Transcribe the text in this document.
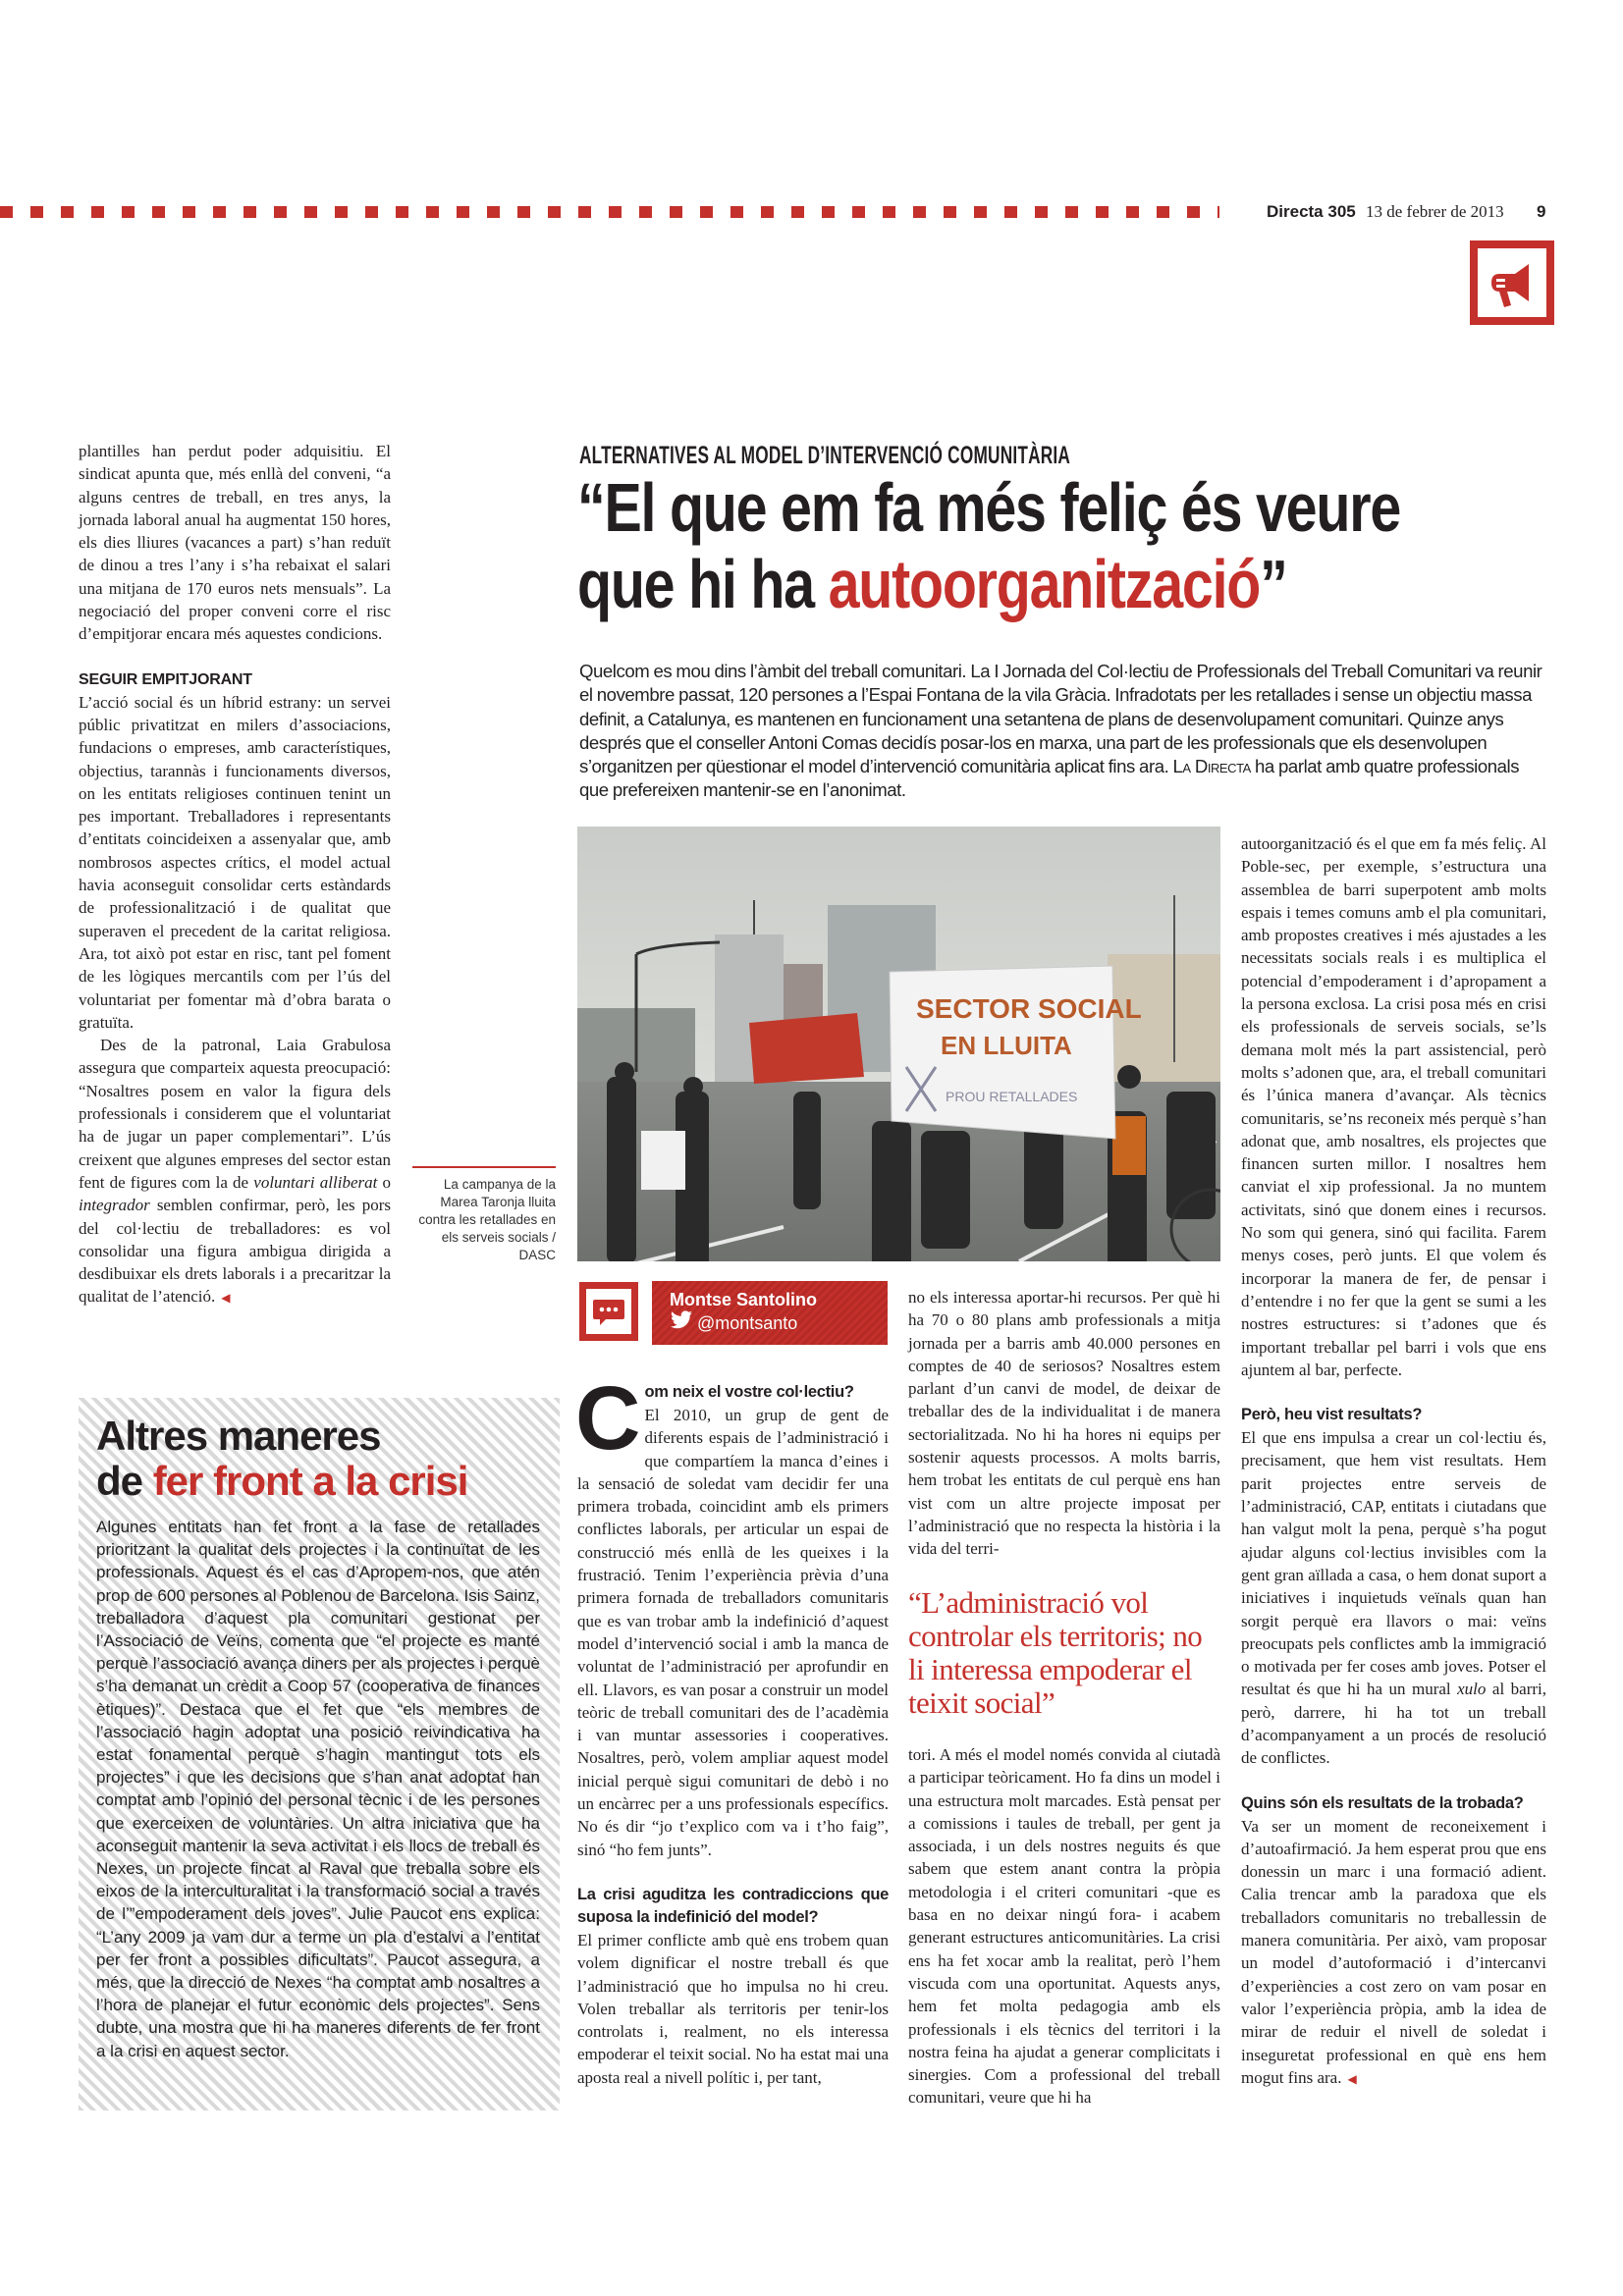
Directa 305 13 de febrer de 2013 9

plantilles han perdut poder adquisitiu. El sindicat apunta que, més enllà del conveni, “a alguns centres de treball, en tres anys, la jornada laboral anual ha augmentat 150 hores, els dies lliures (vacances a part) s’han reduït de dinou a tres l’any i s’ha rebaixat el salari una mitjana de 170 euros nets mensuals”. La negociació del proper conveni corre el risc d’empitjorar encara més aquestes condicions.

SEGUIR EMPITJORANT

L’acció social és un híbrid estrany: un servei públic privatitzat en milers d’associacions, fundacions o empreses, amb característiques, objectius, tarannàs i funcionaments diversos, on les entitats religioses continuen tenint un pes important. Treballadores i representants d’entitats coincideixen a assenyalar que, amb nombrosos aspectes crítics, el model actual havia aconseguit consolidar certs estàndards de professionalització i de qualitat que superaven el precedent de la caritat religiosa. Ara, tot això pot estar en risc, tant pel foment de les lògiques mercantils com per l’ús del voluntariat per fomentar mà d’obra barata o gratuïta.

Des de la patronal, Laia Grabulosa assegura que comparteix aquesta preocupació: “Nosaltres posem en valor la figura dels professionals i considerem que el voluntariat ha de jugar un paper complementari”. L’ús creixent que algunes empreses del sector estan fent de figures com la de voluntari alliberat o integrador semblen confirmar, però, les pors del col·lectiu de treballadores: es vol consolidar una figura ambigua dirigida a desdibuixar els drets laborals i a precaritzar la qualitat de l’atenció. ◀

La campanya de la Marea Taronja lluita contra les retallades en els serveis socials / DASC
Altres maneres
de fer front a la crisi
Algunes entitats han fet front a la fase de retallades prioritzant la qualitat dels projectes i la continuïtat de les professionals. Aquest és el cas d’Apropem-nos, que atén prop de 600 persones al Poblenou de Barcelona. Isis Sainz, treballadora d’aquest pla comunitari gestionat per l’Associació de Veïns, comenta que “el projecte es manté perquè l’associació avança diners per als projectes i perquè s’ha demanat un crèdit a Coop 57 (cooperativa de finances ètiques)”. Destaca que el fet que “els membres de l’associació hagin adoptat una posició reivindicativa ha estat fonamental perquè s’hagin mantingut tots els projectes” i que les decisions que s’han anat adoptat han comptat amb l’opinió del personal tècnic i de les persones que exerceixen de voluntàries. Un altra iniciativa que ha aconseguit mantenir la seva activitat i els llocs de treball és Nexes, un projecte fincat al Raval que treballa sobre els eixos de la interculturalitat i la transformació social a través de l’”empoderament dels joves”. Julie Paucot ens explica: “L’any 2009 ja vam dur a terme un pla d’estalvi a l’entitat per fer front a possibles dificultats”. Paucot assegura, a més, que la direcció de Nexes “ha comptat amb nosaltres a l’hora de planejar el futur econòmic dels projectes”. Sens dubte, una mostra que hi ha maneres diferents de fer front a la crisi en aquest sector.
ALTERNATIVES AL MODEL D’INTERVENCIÓ COMUNITÀRIA
“El que em fa més feliç és veure
que hi ha autoorganització”
Quelcom es mou dins l’àmbit del treball comunitari. La I Jornada del Col·lectiu de Professionals del Treball Comunitari va reunir el novembre passat, 120 persones a l’Espai Fontana de la vila Gràcia. Infradotats per les retallades i sense un objectiu massa definit, a Catalunya, es mantenen en funcionament una setantena de plans de desenvolupament comunitari. Quinze anys després que el conseller Antoni Comas decidís posar-los en marxa, una part de les professionals que els desenvolupen s’organitzen per qüestionar el model d’intervenció comunitària aplicat fins ara. La Directa ha parlat amb quatre professionals que prefereixen mantenir-se en l’anonimat.
SECTOR SOCIAL
EN LLUITA
PROU RETALLADES
Montse Santolino
@montsanto

Com neix el vostre col·lectiu?
El 2010, un grup de gent de diferents espais de l’administració i que compartíem la manca d’eines i la sensació de soledat vam decidir fer una primera trobada, coincidint amb els primers conflictes laborals, per articular un espai de construcció més enllà de les queixes i la frustració. Tenim l’experiència prèvia d’una primera fornada de treballadors comunitaris que es van trobar amb la indefinició d’aquest model d’intervenció social i amb la manca de voluntat de l’administració per aprofundir en ell. Llavors, es van posar a construir un model teòric de treball comunitari des de l’acadèmia i van muntar assessories i cooperatives. Nosaltres, però, volem ampliar aquest model inicial perquè sigui comunitari de debò i no un encàrrec per a uns professionals específics. No és dir “jo t’explico com va i t’ho faig”, sinó “ho fem junts”.

La crisi aguditza les contradiccions que suposa la indefinició del model?

El primer conflicte amb què ens trobem quan volem dignificar el nostre treball és que l’administració que ho impulsa no hi creu. Volen treballar als territoris per tenir-los controlats i, realment, no els interessa empoderar el teixit social. No ha estat mai una aposta real a nivell polític i, per tant,

no els interessa aportar-hi recursos. Per què hi ha 70 o 80 plans amb professionals a mitja jornada per a barris amb 40.000 persones en comptes de 40 de seriosos? Nosaltres estem parlant d’un canvi de model, de deixar de treballar des de la individualitat i de manera sectorialitzada. No hi ha hores ni equips per sostenir aquests processos. A molts barris, hem trobat les entitats de cul perquè ens han vist com un altre projecte imposat per l’administració que no respecta la història i la vida del terri-

“L’administració vol controlar els territoris; no li interessa empoderar el teixit social”

tori. A més el model només convida al ciutadà a participar teòricament. Ho fa dins un model i una estructura molt marcades. Està pensat per a comissions i taules de treball, per gent ja associada, i un dels nostres neguits és que sabem que estem anant contra la pròpia metodologia i el criteri comunitari -que es basa en no deixar ningú fora- i acabem generant estructures anticomunitàries. La crisi ens ha fet xocar amb la realitat, però l’hem viscuda com una oportunitat. Aquests anys, hem fet molta pedagogia amb els professionals i els tècnics del territori i la nostra feina ha ajudat a generar complicitats i sinergies. Com a professional del treball comunitari, veure que hi ha

autoorganització és el que em fa més feliç. Al Poble-sec, per exemple, s’estructura una assemblea de barri superpotent amb molts espais i temes comuns amb el pla comunitari, amb propostes creatives i més ajustades a les necessitats socials reals i es multiplica el potencial d’empoderament i d’apropament a la persona exclosa. La crisi posa més en crisi els professionals de serveis socials, se’ls demana molt més la part assistencial, però molts s’adonen que, ara, el treball comunitari és l’única manera d’avançar. Als tècnics comunitaris, se’ns reconeix més perquè s’han adonat que, amb nosaltres, els projectes que financen surten millor. I nosaltres hem canviat el xip professional. Ja no muntem activitats, sinó que donem eines i recursos. No som qui genera, sinó qui facilita. Farem menys coses, però junts. El que volem és incorporar la manera de fer, de pensar i d’entendre i no fer que la gent se sumi a les nostres estructures: si t’adones que és important treballar pel barri i vols que ens ajuntem al bar, perfecte.

Però, heu vist resultats?

El que ens impulsa a crear un col·lectiu és, precisament, que hem vist resultats. Hem parit projectes entre serveis de l’administració, CAP, entitats i ciutadans que han valgut molt la pena, perquè s’ha pogut ajudar alguns col·lectius invisibles com la gent gran aïllada a casa, o hem donat suport a iniciatives i inquietuds veïnals quan han sorgit perquè era llavors o mai: veïns preocupats pels conflictes amb la immigració o motivada per fer coses amb joves. Potser el resultat és que hi ha un mural xulo al barri, però, darrere, hi ha tot un treball d’acompanyament a un procés de resolució de conflictes.

Quins són els resultats de la trobada?

Va ser un moment de reconeixement i d’autoafirmació. Ja hem esperat prou que ens donessin un marc i una formació adient. Calia trencar amb la paradoxa que els treballadors comunitaris no treballessin de manera comunitària. Per això, vam proposar un model d’autoformació i d’intercanvi d’experiències a cost zero on vam posar en valor l’experiència pròpia, amb la idea de mirar de reduir el nivell de soledat i inseguretat professional en què ens hem mogut fins ara. ◀
